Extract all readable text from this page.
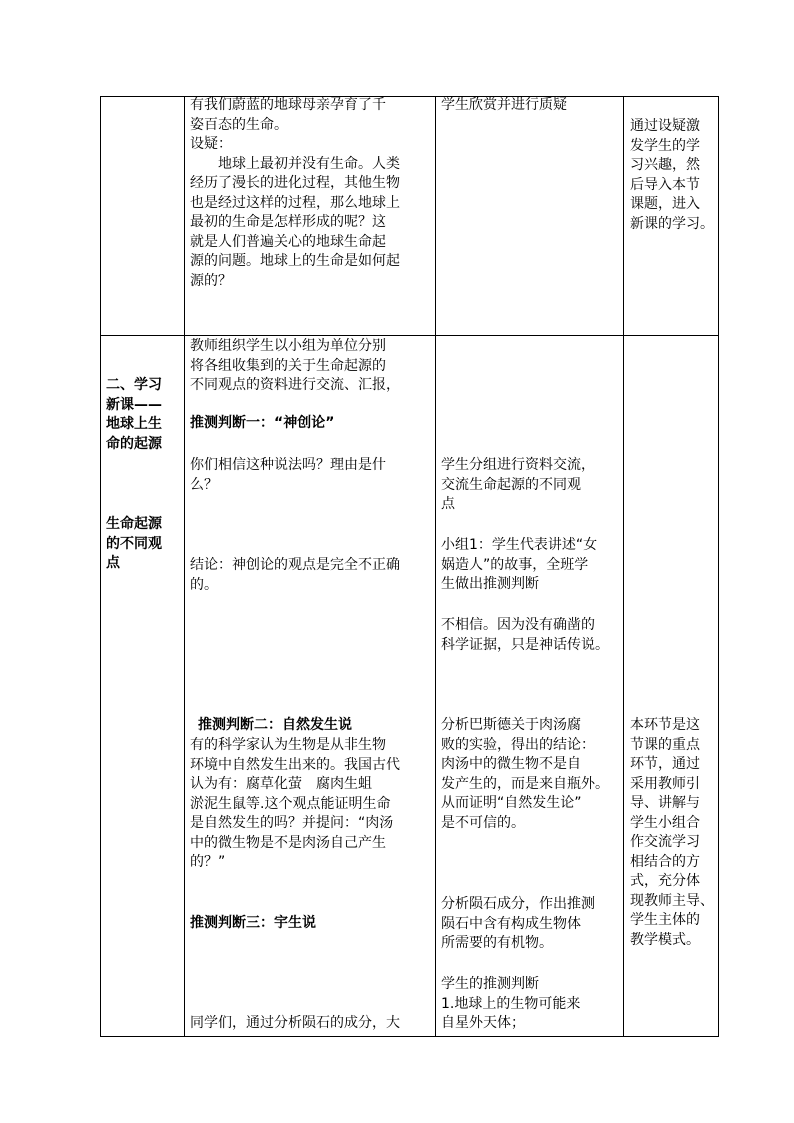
有我们蔚蓝的地球母亲孕育了千

姿百态的生命。

设疑：

　　地球上最初并没有生命。人类

经历了漫长的进化过程，其他生物

也是经过这样的过程，那么地球上

最初的生命是怎样形成的呢？这

就是人们普遍关心的地球生命起

源的问题。地球上的生命是如何起

源的？

学生欣赏并进行质疑

通过设疑激

发学生的学

习兴趣，然

后导入本节

课题，进入

新课的学习。

二、学习

新课——

地球上生

命的起源

生命起源

的不同观

点

教师组织学生以小组为单位分别

将各组收集到的关于生命起源的

不同观点的资料进行交流、汇报，

推测判断一：“神创论”

你们相信这种说法吗？理由是什

么？

结论：神创论的观点是完全不正确

的。

推测判断二：自然发生说

有的科学家认为生物是从非生物

环境中自然发生出来的。我国古代

认为有：腐草化萤　腐肉生蛆

淤泥生鼠等.这个观点能证明生命

是自然发生的吗？并提问：“肉汤

中的微生物是不是肉汤自己产生

的？”

推测判断三：宇生说

同学们，通过分析陨石的成分，大

学生分组进行资料交流，

交流生命起源的不同观

点

小组1：学生代表讲述“女

娲造人”的故事，全班学

生做出推测判断

不相信。因为没有确凿的

科学证据，只是神话传说。

分析巴斯德关于肉汤腐

败的实验，得出的结论：

肉汤中的微生物不是自

发产生的，而是来自瓶外。

从而证明“自然发生论”

是不可信的。

分析陨石成分，作出推测

陨石中含有构成生物体

所需要的有机物。

学生的推测判断

1.地球上的生物可能来

自星外天体；

本环节是这

节课的重点

环节，通过

采用教师引

导、讲解与

学生小组合

作交流学习

相结合的方

式，充分体

现教师主导、

学生主体的

教学模式。
